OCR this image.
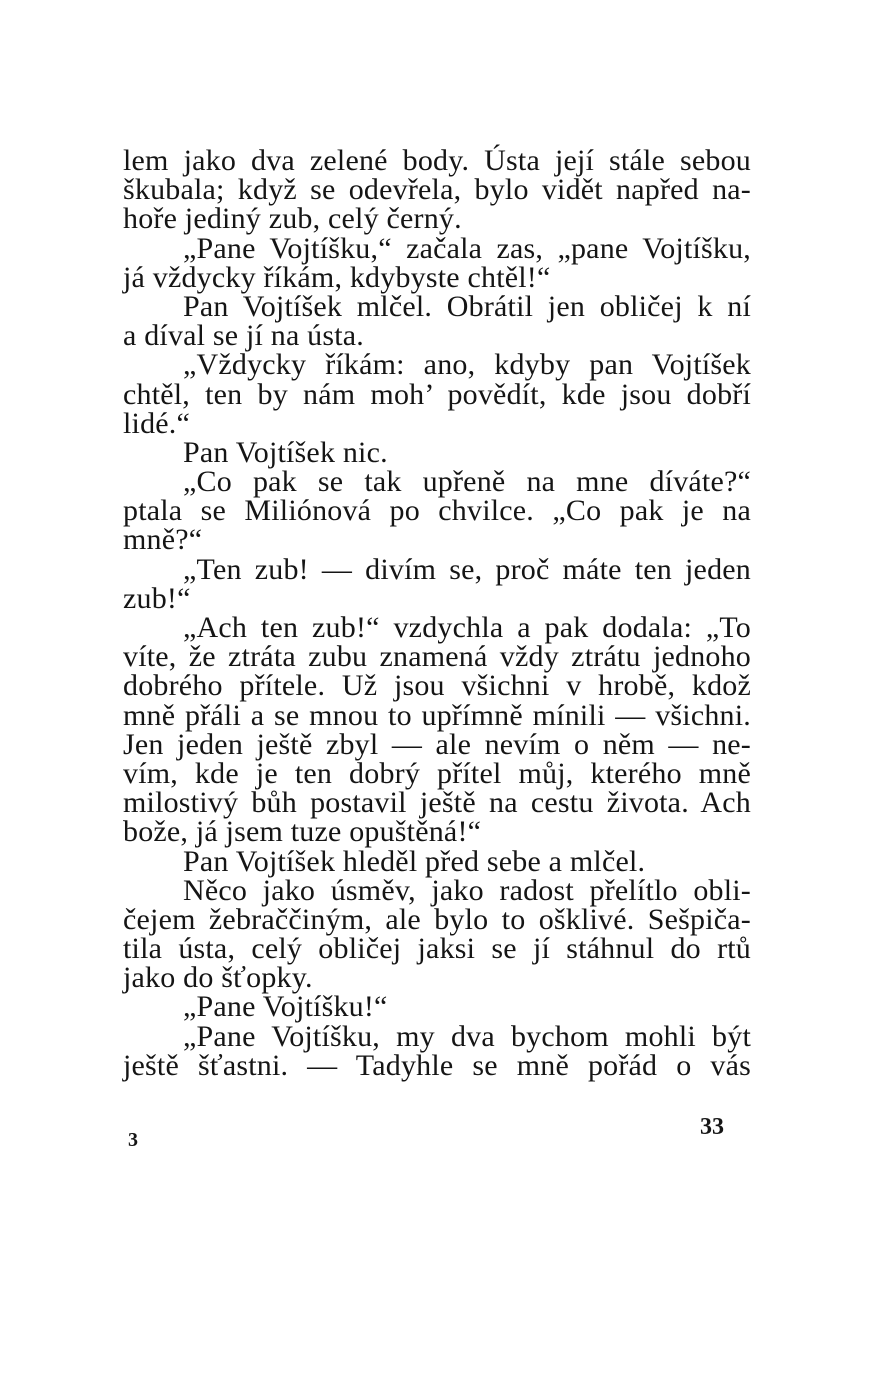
lem jako dva zelené body. Ústa její stále sebou
škubala; když se odevřela, bylo vidět napřed na-
hoře jediný zub, celý černý.
„Pane Vojtíšku,“ začala zas, „pane Vojtíšku,
já vždycky říkám, kdybyste chtěl!“
Pan Vojtíšek mlčel. Obrátil jen obličej k ní
a díval se jí na ústa.
„Vždycky říkám: ano, kdyby pan Vojtíšek
chtěl, ten by nám moh’ povědít, kde jsou dobří
lidé.“
Pan Vojtíšek nic.
„Co pak se tak upřeně na mne díváte?“
ptala se Miliónová po chvilce. „Co pak je na
mně?“
„Ten zub! — divím se, proč máte ten jeden
zub!“
„Ach ten zub!“ vzdychla a pak dodala: „To
víte, že ztráta zubu znamená vždy ztrátu jednoho
dobrého přítele. Už jsou všichni v hrobě, kdož
mně přáli a se mnou to upřímně mínili — všichni.
Jen jeden ještě zbyl — ale nevím o něm — ne-
vím, kde je ten dobrý přítel můj, kterého mně
milostivý bůh postavil ještě na cestu života. Ach
bože, já jsem tuze opuštěná!“
Pan Vojtíšek hleděl před sebe a mlčel.
Něco jako úsměv, jako radost přelítlo obli-
čejem žebraččiným, ale bylo to ošklivé. Sešpiča-
tila ústa, celý obličej jaksi se jí stáhnul do rtů
jako do šťopky.
„Pane Vojtíšku!“
„Pane Vojtíšku, my dva bychom mohli být
ještě šťastni. — Tadyhle se mně pořád o vás
3	33
